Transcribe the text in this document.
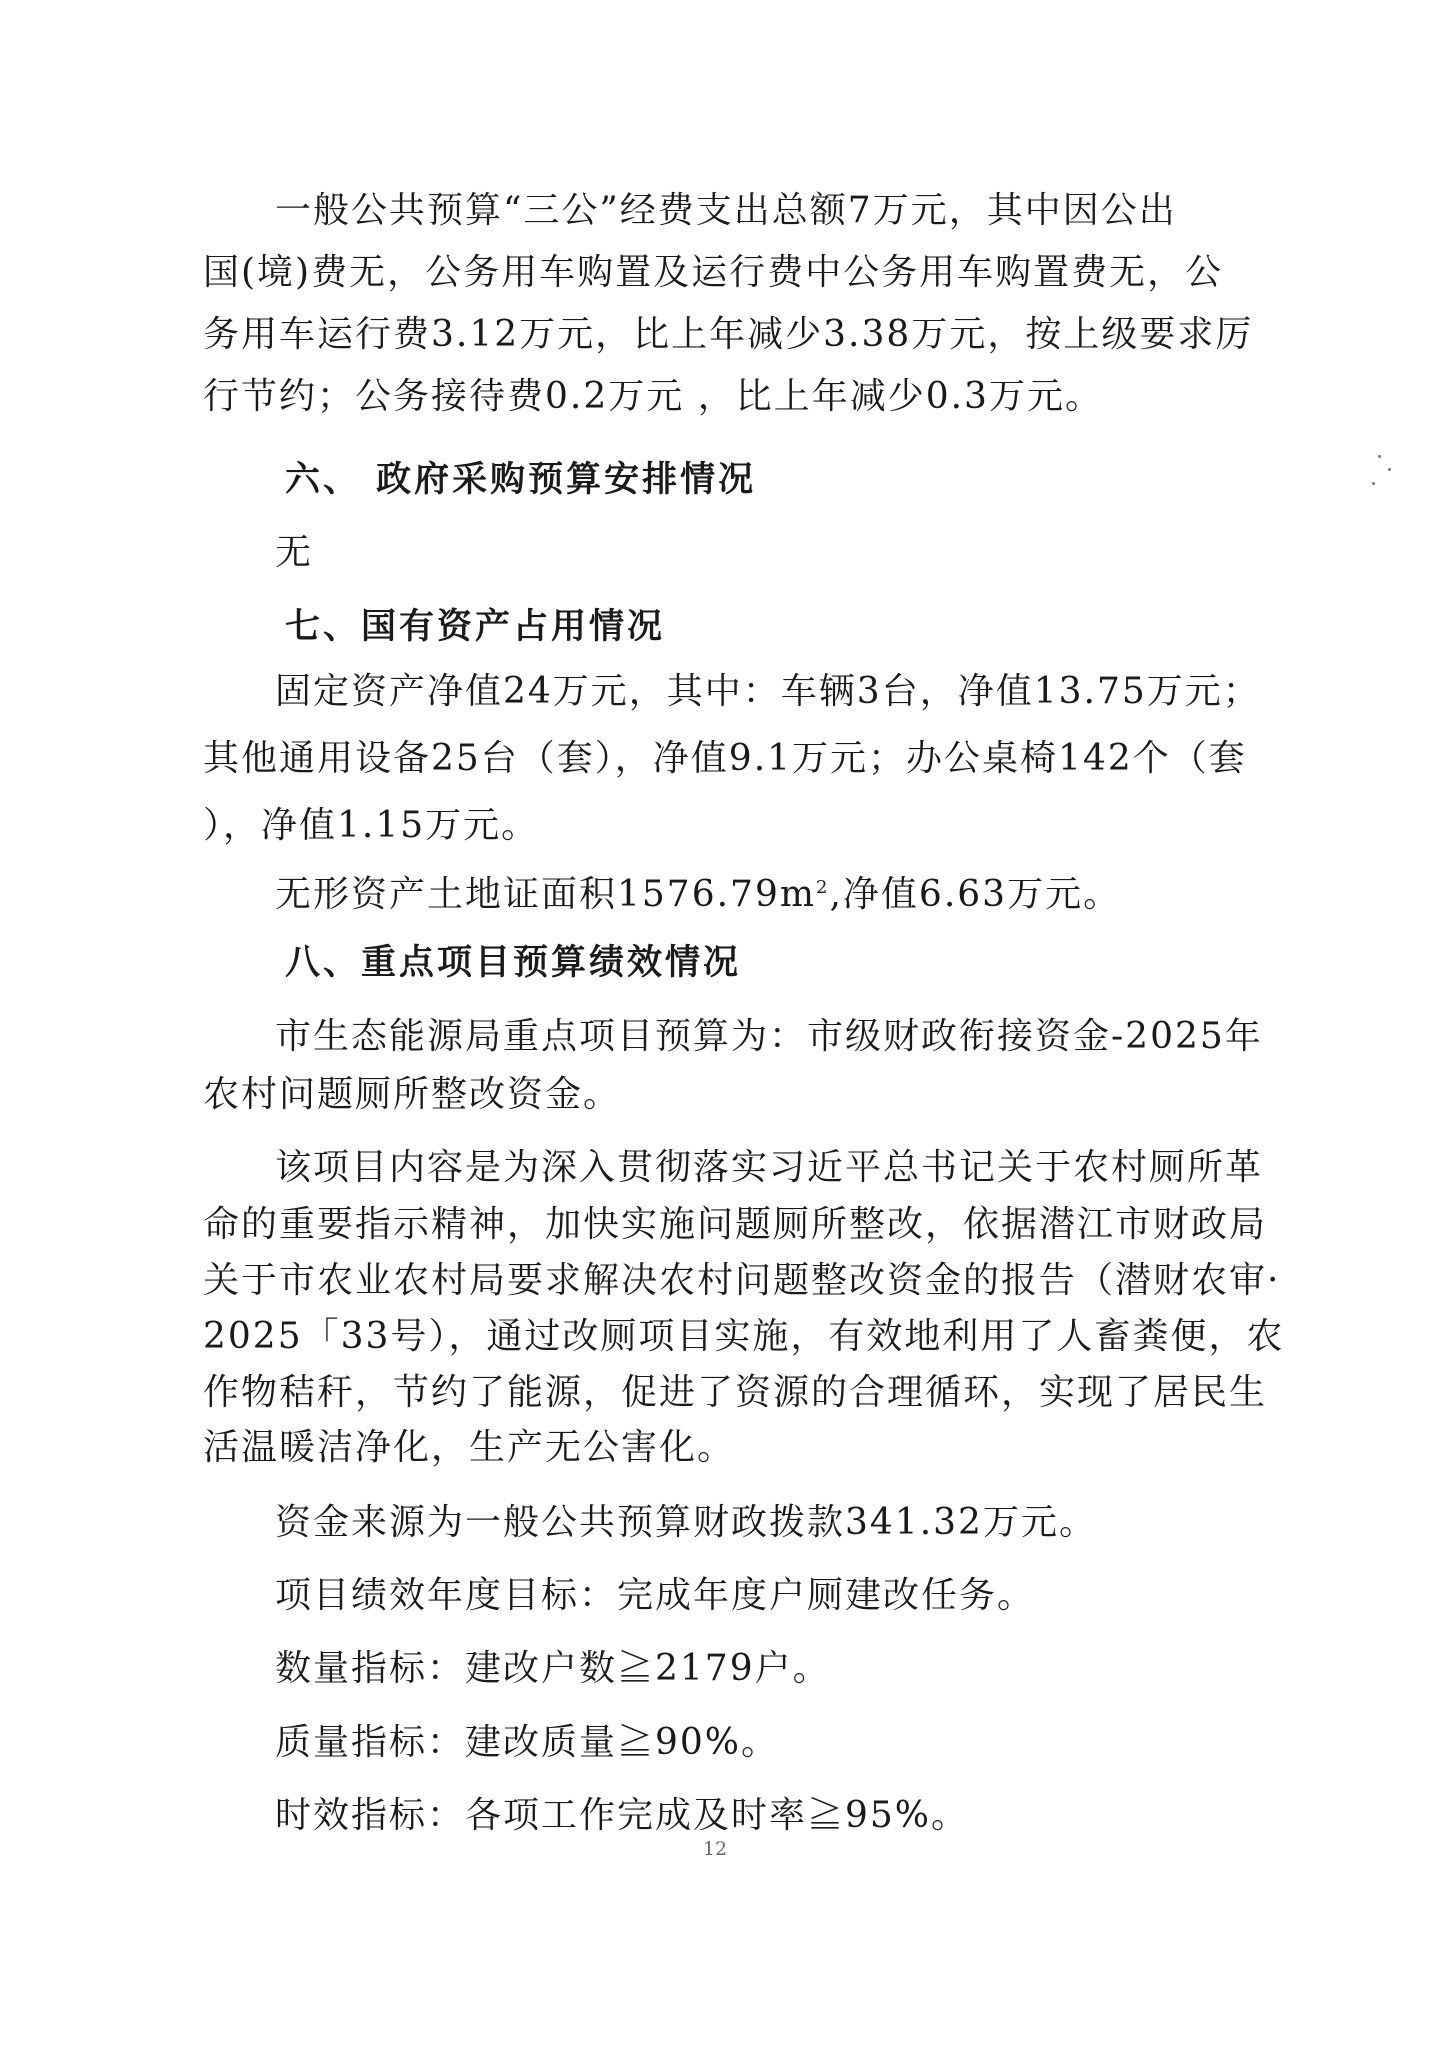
一般公共预算“三公”经费支出总额7万元，其中因公出
国(境)费无，公务用车购置及运行费中公务用车购置费无，公
务用车运行费3.12万元，比上年减少3.38万元，按上级要求厉
行节约；公务接待费0.2万元 ，比上年减少0.3万元。
六、 政府采购预算安排情况
无
七、国有资产占用情况
固定资产净值24万元，其中：车辆3台，净值13.75万元；
其他通用设备25台（套），净值9.1万元；办公桌椅142个（套
），净值1.15万元。
无形资产土地证面积$1576.79m^2$,净值6.63万元。
八、重点项目预算绩效情况
市生态能源局重点项目预算为：市级财政衔接资金-2025年
农村问题厕所整改资金。
该项目内容是为深入贯彻落实习近平总书记关于农村厕所革
命的重要指示精神，加快实施问题厕所整改，依据潜江市财政局
关于市农业农村局要求解决农村问题整改资金的报告（潜财农审·
2025「33号），通过改厕项目实施，有效地利用了人畜粪便，农
作物秸秆，节约了能源，促进了资源的合理循环，实现了居民生
活温暖洁净化，生产无公害化。
资金来源为一般公共预算财政拨款341.32万元。
项目绩效年度目标：完成年度户厕建改任务。
数量指标：建改户数≧2179户。
质量指标：建改质量≧90%。
时效指标：各项工作完成及时率≧95%。
12
